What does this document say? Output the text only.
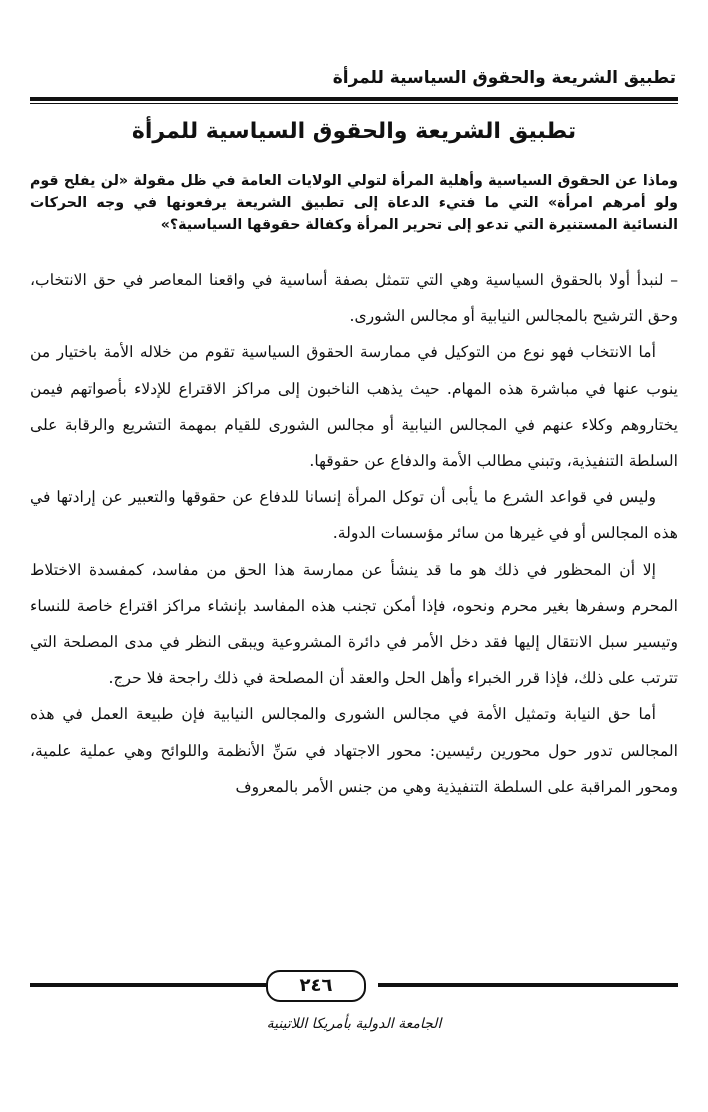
تطبيق الشريعة والحقوق السياسية للمرأة
تطبيق الشريعة والحقوق السياسية للمرأة
وماذا عن الحقوق السياسية وأهلية المرأة لتولي الولايات العامة في ظل مقولة «لن يفلح قوم ولو أمرهم امرأة» التي ما فتيء الدعاة إلى تطبيق الشريعة يرفعونها في وجه الحركات النسائية المستنيرة التي تدعو إلى تحرير المرأة وكفالة حقوقها السياسية؟»

– لنبدأ أولا بالحقوق السياسية وهي التي تتمثل بصفة أساسية في واقعنا المعاصر في حق الانتخاب، وحق الترشيح بالمجالس النيابية أو مجالس الشورى.

أما الانتخاب فهو نوع من التوكيل في ممارسة الحقوق السياسية تقوم من خلاله الأمة باختيار من ينوب عنها في مباشرة هذه المهام. حيث يذهب الناخبون إلى مراكز الاقتراع للإدلاء بأصواتهم فيمن يختاروهم وكلاء عنهم في المجالس النيابية أو مجالس الشورى للقيام بمهمة التشريع والرقابة على السلطة التنفيذية، وتبني مطالب الأمة والدفاع عن حقوقها.

وليس في قواعد الشرع ما يأبى أن توكل المرأة إنسانا للدفاع عن حقوقها والتعبير عن إرادتها في هذه المجالس أو في غيرها من سائر مؤسسات الدولة.

إلا أن المحظور في ذلك هو ما قد ينشأ عن ممارسة هذا الحق من مفاسد، كمفسدة الاختلاط المحرم وسفرها بغير محرم ونحوه، فإذا أمكن تجنب هذه المفاسد بإنشاء مراكز اقتراع خاصة للنساء وتيسير سبل الانتقال إليها فقد دخل الأمر في دائرة المشروعية ويبقى النظر في مدى المصلحة التي تترتب على ذلك، فإذا قرر الخبراء وأهل الحل والعقد أن المصلحة في ذلك راجحة فلا حرج.

أما حق النيابة وتمثيل الأمة في مجالس الشورى والمجالس النيابية فإن طبيعة العمل في هذه المجالس تدور حول محورين رئيسين: محور الاجتهاد في سَنِّ الأنظمة واللوائح وهي عملية علمية، ومحور المراقبة على السلطة التنفيذية وهي من جنس الأمر بالمعروف

٢٤٦
الجامعة الدولية بأمريكا اللاتينية
